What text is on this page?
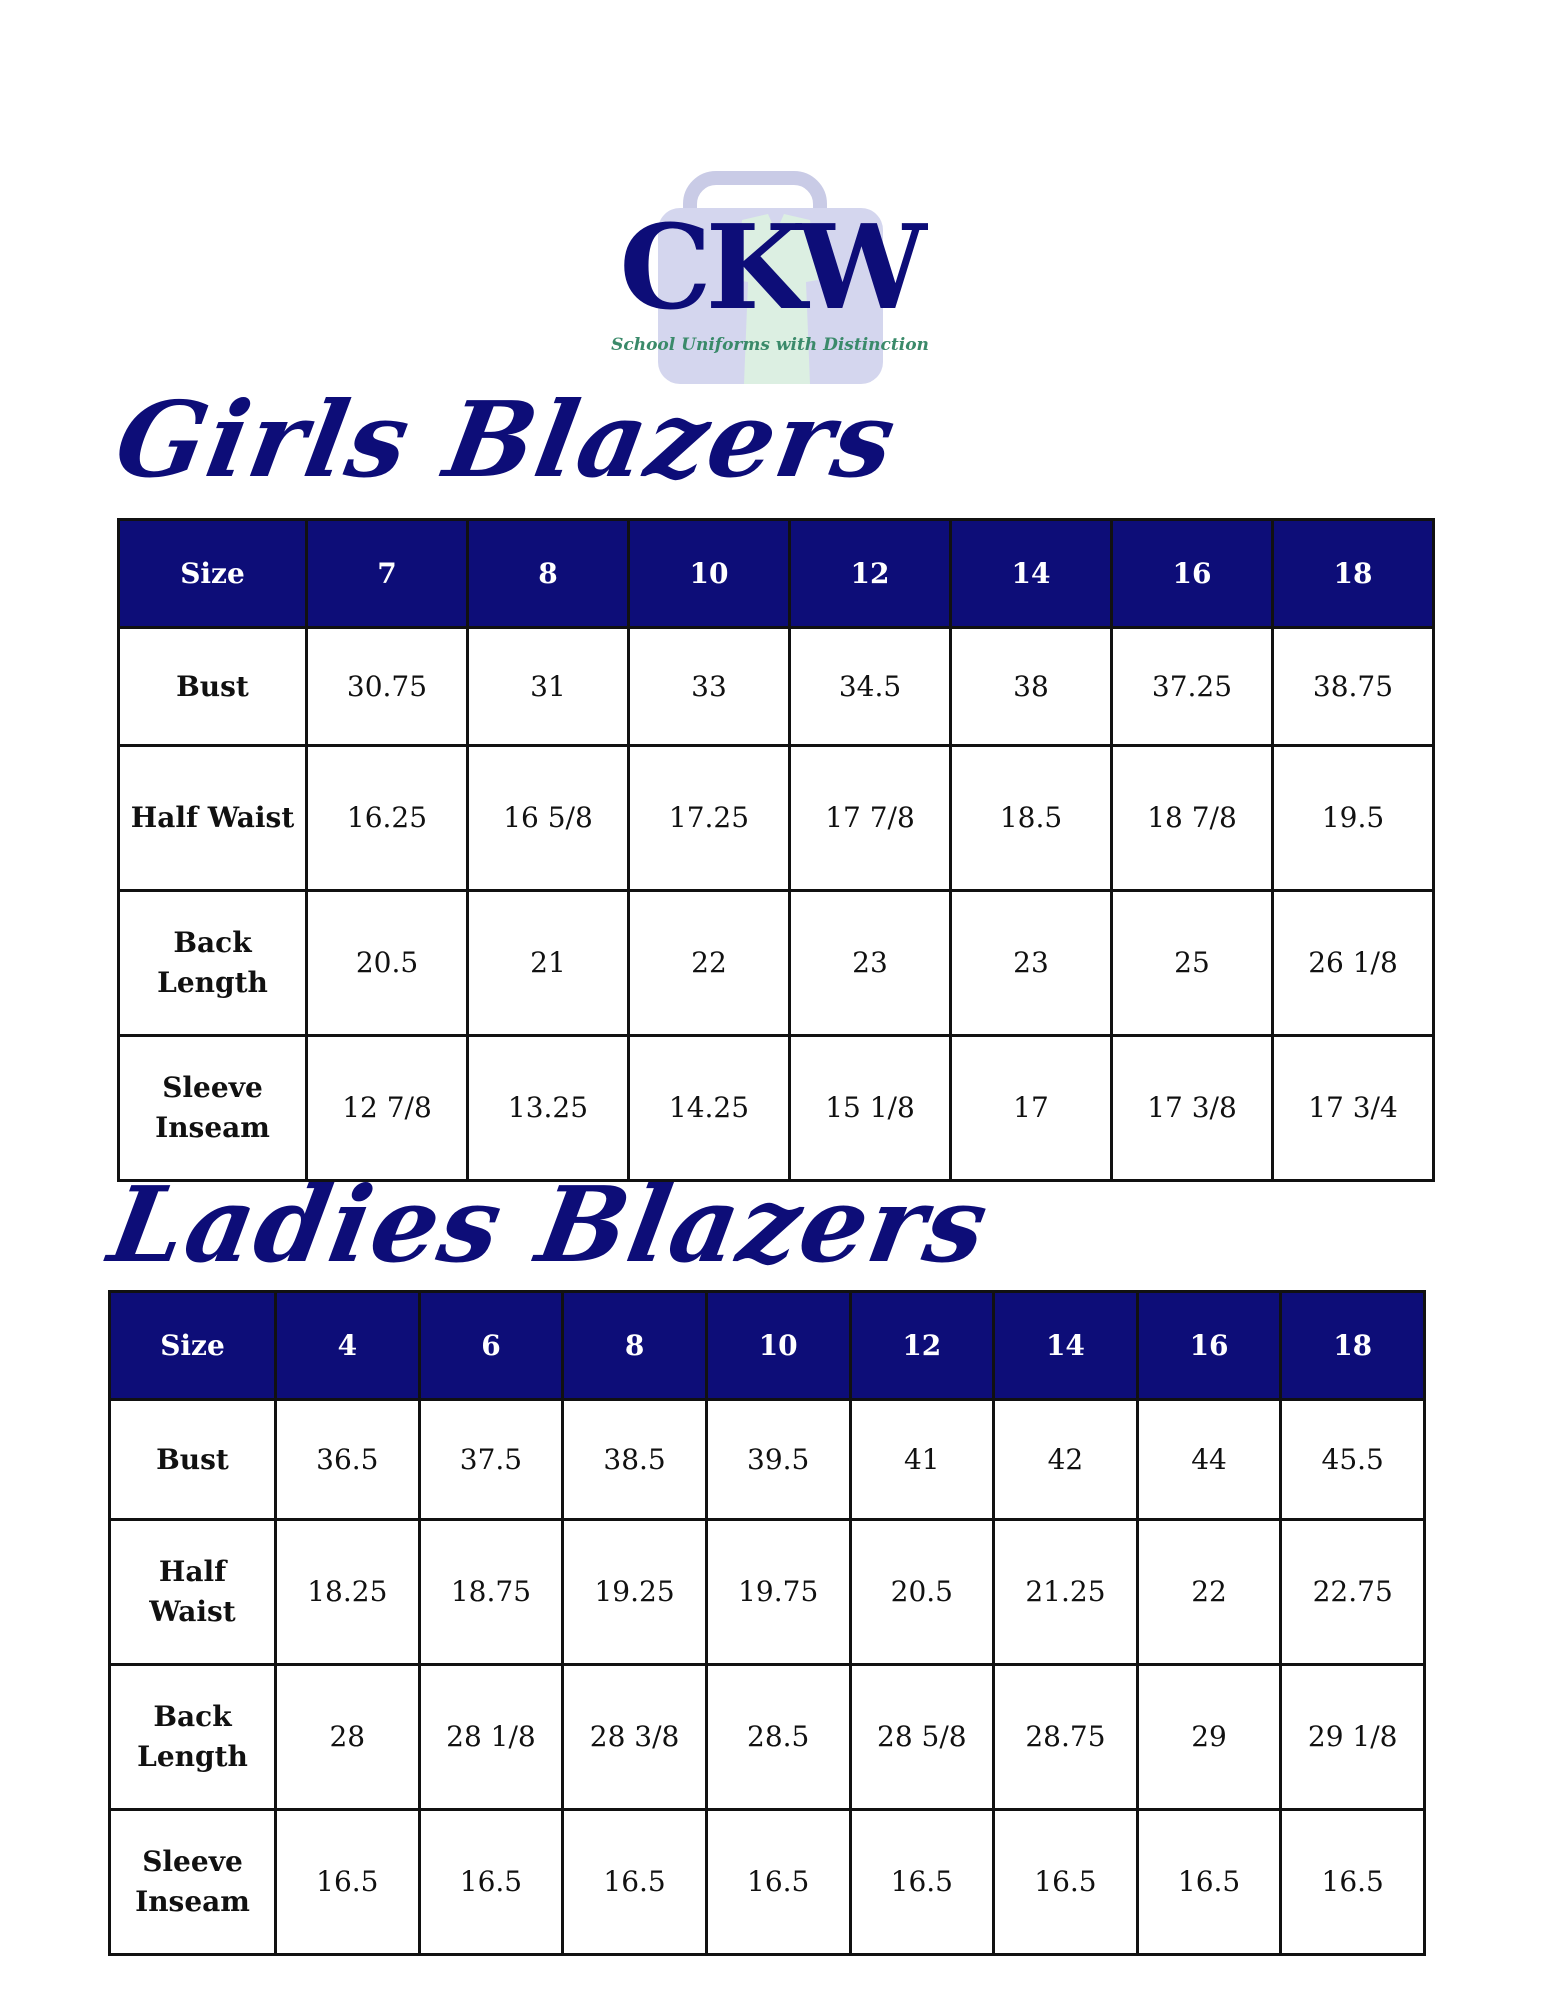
CKW
School Uniforms with Distinction
Girls Blazers
Size	7	8	10	12	14	16	18
Bust	30.75	31	33	34.5	38	37.25	38.75
Half Waist	16.25	16 5/8	17.25	17 7/8	18.5	18 7/8	19.5
Back Length	20.5	21	22	23	23	25	26 1/8
Sleeve Inseam	12 7/8	13.25	14.25	15 1/8	17	17 3/8	17 3/4
Ladies Blazers
Size	4	6	8	10	12	14	16	18
Bust	36.5	37.5	38.5	39.5	41	42	44	45.5
Half Waist	18.25	18.75	19.25	19.75	20.5	21.25	22	22.75
Back Length	28	28 1/8	28 3/8	28.5	28 5/8	28.75	29	29 1/8
Sleeve Inseam	16.5	16.5	16.5	16.5	16.5	16.5	16.5	16.5
